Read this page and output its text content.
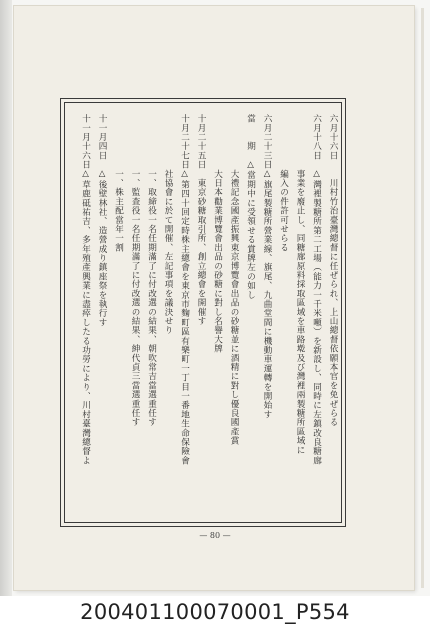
六月十六日　　川村竹治臺灣總督に任ぜられ、上山總督依願本官を免ぜらる
六月十八日　△灣裡製糖所第二工場（能力一千米噸）を新設し、同時に左鎮改良糖廍
　　　　　　事業を廢止し、同糖廍原料採取區域を車路墘及び灣裡兩製糖所區域に
　　　　　　編入の件許可せらる
六月二十三日△旗尾製糖所營業線、旗尾、九曲堂間に機動車運轉を開始す
當　　期　△當期中に受領せる賞牌左の如し
　　　　　　大禮記念國產振興東京博覽會出品の砂糖並に酒精に對し優良國產賞
　　　　　　大日本勸業博覽會出品の砂糖に對し名譽大牌
十月二十五日　東京砂糖取引所、創立總會を開催す
十月二十七日△第四十回定時株主總會を東京市麴町區有樂町一丁目一番地生命保險會
　　　　　　社協會に於て開催、左記事項を議決せり
　　　　　　一、取締役一名任期滿了に付改選の結果、朝吹常吉當選重任す
　　　　　　一、監查役一名任期滿了に付改選の結果、紳代貞三當選重任す
　　　　　　一、株主配當年一割
十一月四日　△後壁林社、造營成り鎮座祭を執行す
十一月十六日△草鹿砥祐吉、多年殖產興業に盡瘁したる功勞により、川村臺灣總督よ
— 80 —
200401100070001_P554
